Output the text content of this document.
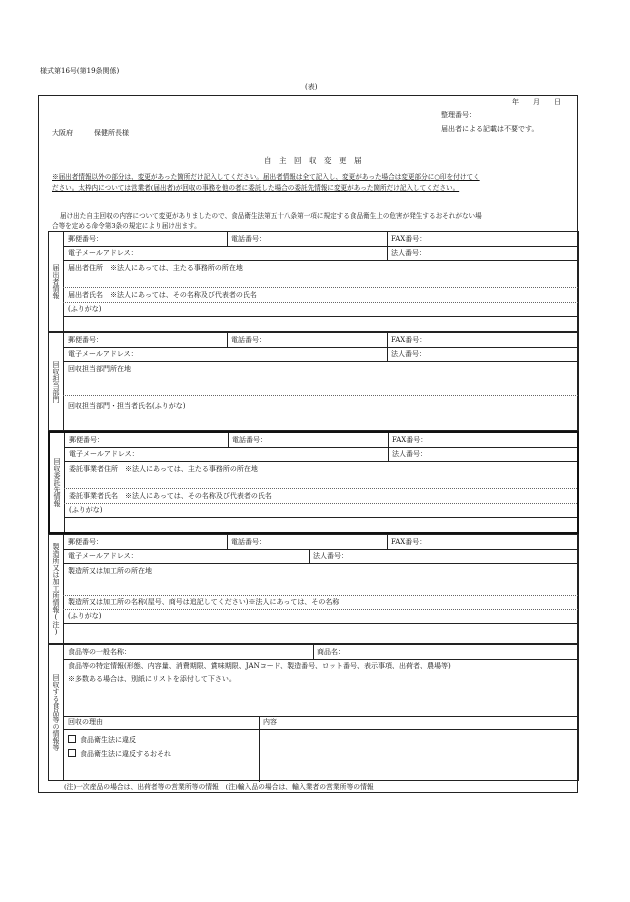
様式第16号(第19条関係)
(表)
年　　月　　日
整理番号：
届出者による記載は不要です。
大阪府　　　保健所長様
自　主　回　収　変　更　届
※届出者情報以外の部分は、変更があった箇所だけ記入してください。届出者情報は全て記入し、変更があった場合は変更部分に○印を付けてく
ださい。太枠内については営業者(届出者)が回収の事務を他の者に委託した場合の委託先情報に変更があった箇所だけ記入してください。
届け出た自主回収の内容について変更がありましたので、食品衛生法第五十八条第一項に規定する食品衛生上の危害が発生するおそれがない場
合等を定める命令第3条の規定により届け出ます。
届出者情報
郵便番号：	電話番号：	FAX番号：
電子メールアドレス：	法人番号：
届出者住所　※法人にあっては、主たる事務所の所在地
届出者氏名　※法人にあっては、その名称及び代表者の氏名
(ふりがな)
回収担当部門
郵便番号：	電話番号：	FAX番号：
電子メールアドレス：	法人番号：
回収担当部門所在地
回収担当部門・担当者氏名(ふりがな)
回収委託先情報
郵便番号：	電話番号：	FAX番号：
電子メールアドレス：	法人番号：
委託事業者住所　※法人にあっては、主たる事務所の所在地
委託事業者氏名　※法人にあっては、その名称及び代表者の氏名
(ふりがな)
製造所又は加工所情報(注)
郵便番号：	電話番号：	FAX番号：
電子メールアドレス：	法人番号：
製造所又は加工所の所在地
製造所又は加工所の名称(屋号、商号は追記してください)※法人にあっては、その名称
(ふりがな)
回収する食品等の情報等
食品等の一般名称：	商品名：
食品等の特定情報(形態、内容量、消費期限、賞味期限、JANコード、製造番号、ロット番号、表示事項、出荷者、農場等)
※多数ある場合は、別紙にリストを添付して下さい。
回収の理由	内容
食品衛生法に違反
食品衛生法に違反するおそれ
(注)一次産品の場合は、出荷者等の営業所等の情報　(注)輸入品の場合は、輸入業者の営業所等の情報
